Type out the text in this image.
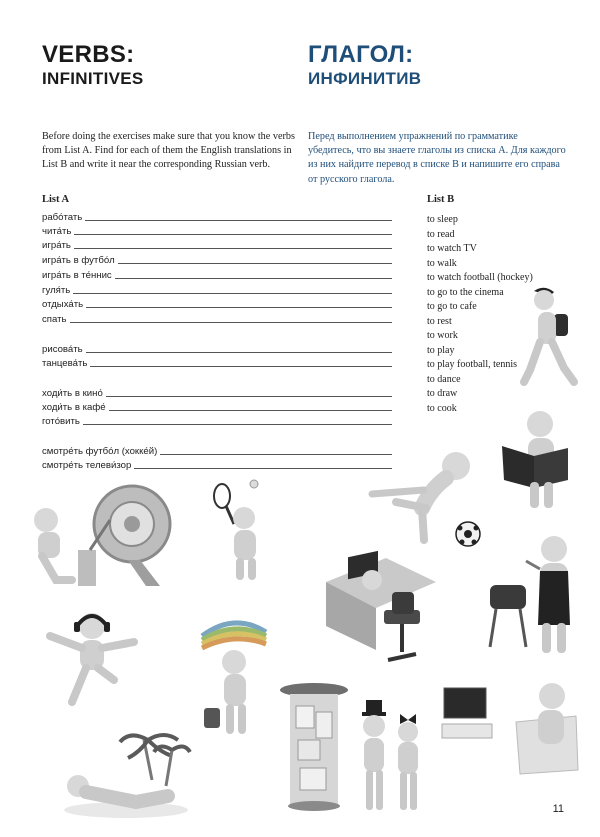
VERBS:
INFINITIVES
ГЛАГОЛ:
ИНФИНИТИВ
Before doing the exercises make sure that you know the verbs from List A. Find for each of them the English translations in List B and write it near the corresponding Russian verb.
Перед выполнением упражнений по грамматике убедитесь, что вы знаете глаголы из списка А. Для каждого из них найдите перевод в списке В и напишите его справа от русского глагола.
List A	List B
рабо́тать
чита́ть
игра́ть
игра́ть в футбо́л
игра́ть в те́ннис
гуля́ть
отдыха́ть
спать
рисова́ть
танцева́ть
ходи́ть в кино́
ходи́ть в кафе́
гото́вить
смотре́ть футбо́л (хокке́й)
смотре́ть телеви́зор
to sleep
to read
to watch TV
to walk
to watch football (hockey)
to go to the cinema
to go to cafe
to rest
to work
to play
to play football, tennis
to dance
to draw
to cook
11
